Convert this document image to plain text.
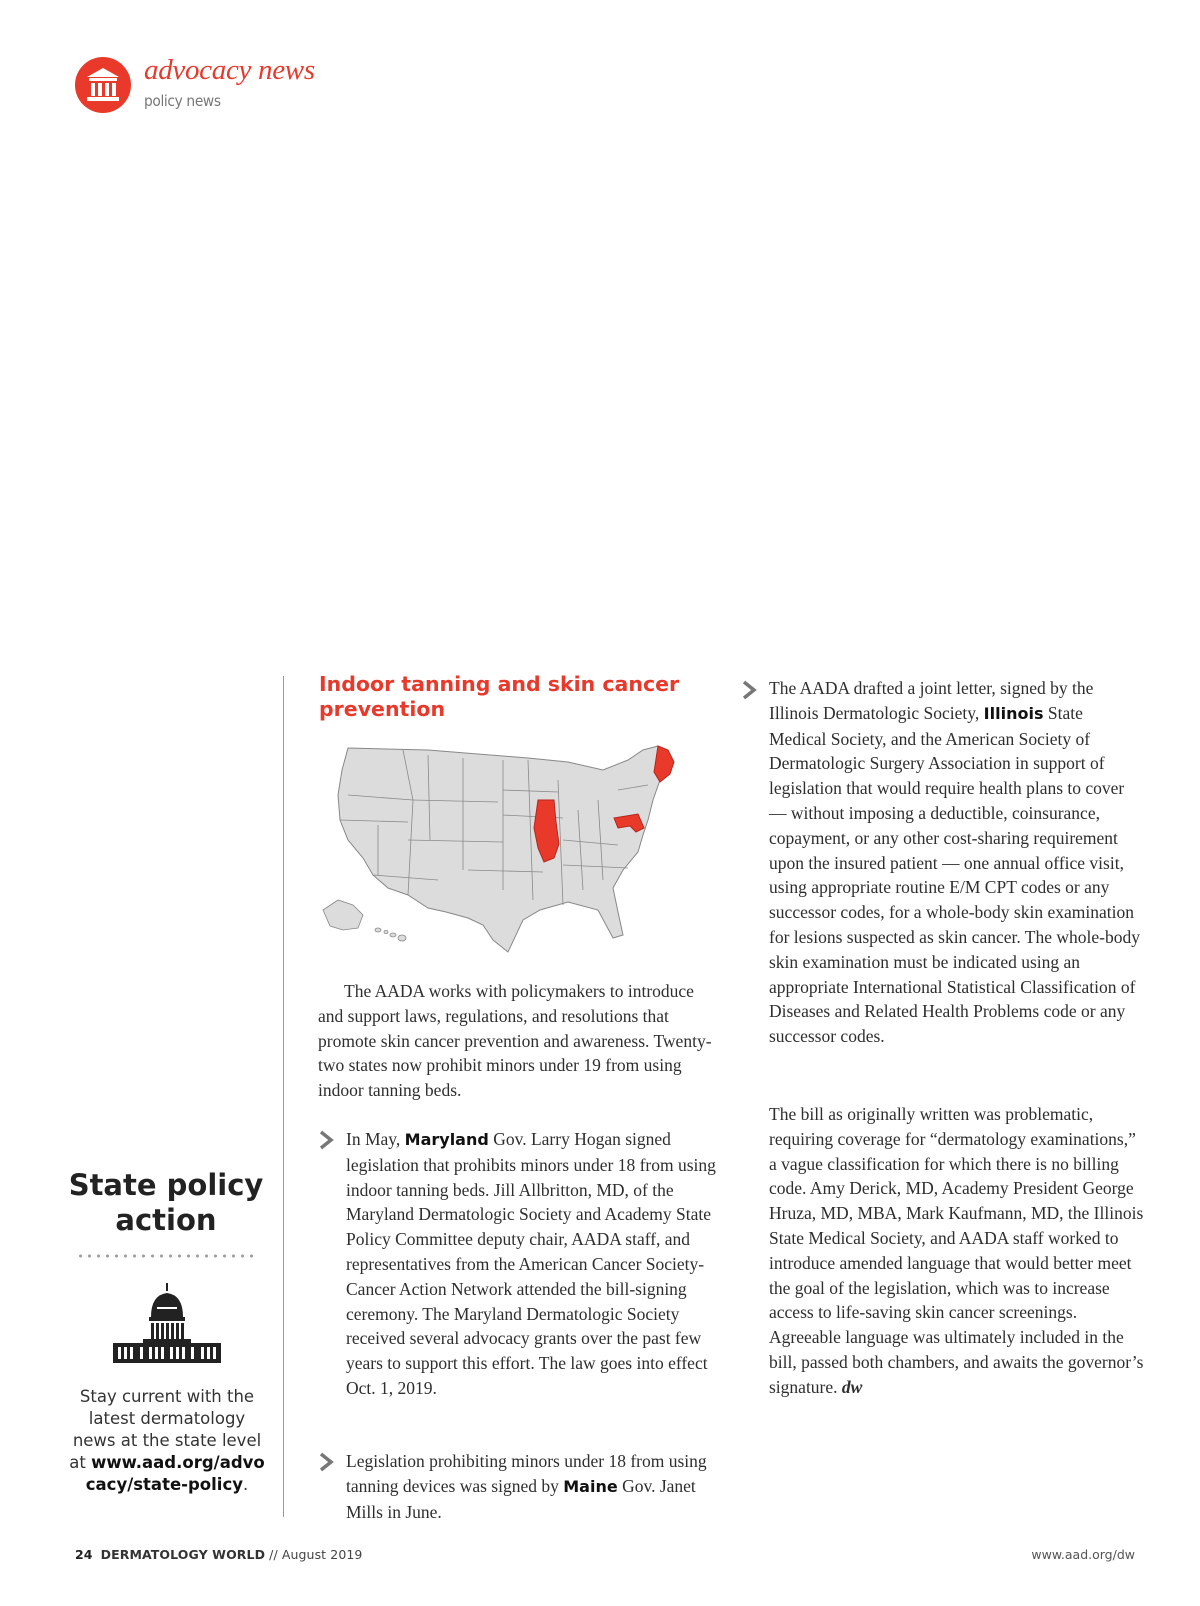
advocacy news
policy news
State policy action
Stay current with the latest dermatology news at the state level at www.aad.org/advocacy/state-policy.
Indoor tanning and skin cancer prevention
The AADA works with policymakers to introduce and support laws, regulations, and resolutions that promote skin cancer prevention and awareness. Twenty-two states now prohibit minors under 19 from using indoor tanning beds.
In May, Maryland Gov. Larry Hogan signed legislation that prohibits minors under 18 from using indoor tanning beds. Jill Allbritton, MD, of the Maryland Dermatologic Society and Academy State Policy Committee deputy chair, AADA staff, and representatives from the American Cancer Society-Cancer Action Network attended the bill-signing ceremony. The Maryland Dermatologic Society received several advocacy grants over the past few years to support this effort. The law goes into effect Oct. 1, 2019.
Legislation prohibiting minors under 18 from using tanning devices was signed by Maine Gov. Janet Mills in June.
The AADA drafted a joint letter, signed by the Illinois Dermatologic Society, Illinois State Medical Society, and the American Society of Dermatologic Surgery Association in support of legislation that would require health plans to cover — without imposing a deductible, coinsurance, copayment, or any other cost-sharing requirement upon the insured patient — one annual office visit, using appropriate routine E/M CPT codes or any successor codes, for a whole-body skin examination for lesions suspected as skin cancer. The whole-body skin examination must be indicated using an appropriate International Statistical Classification of Diseases and Related Health Problems code or any successor codes.
The bill as originally written was problematic, requiring coverage for “dermatology examinations,” a vague classification for which there is no billing code. Amy Derick, MD, Academy President George Hruza, MD, MBA, Mark Kaufmann, MD, the Illinois State Medical Society, and AADA staff worked to introduce amended language that would better meet the goal of the legislation, which was to increase access to life-saving skin cancer screenings. Agreeable language was ultimately included in the bill, passed both chambers, and awaits the governor’s signature. dw
24 DERMATOLOGY WORLD // August 2019	www.aad.org/dw
